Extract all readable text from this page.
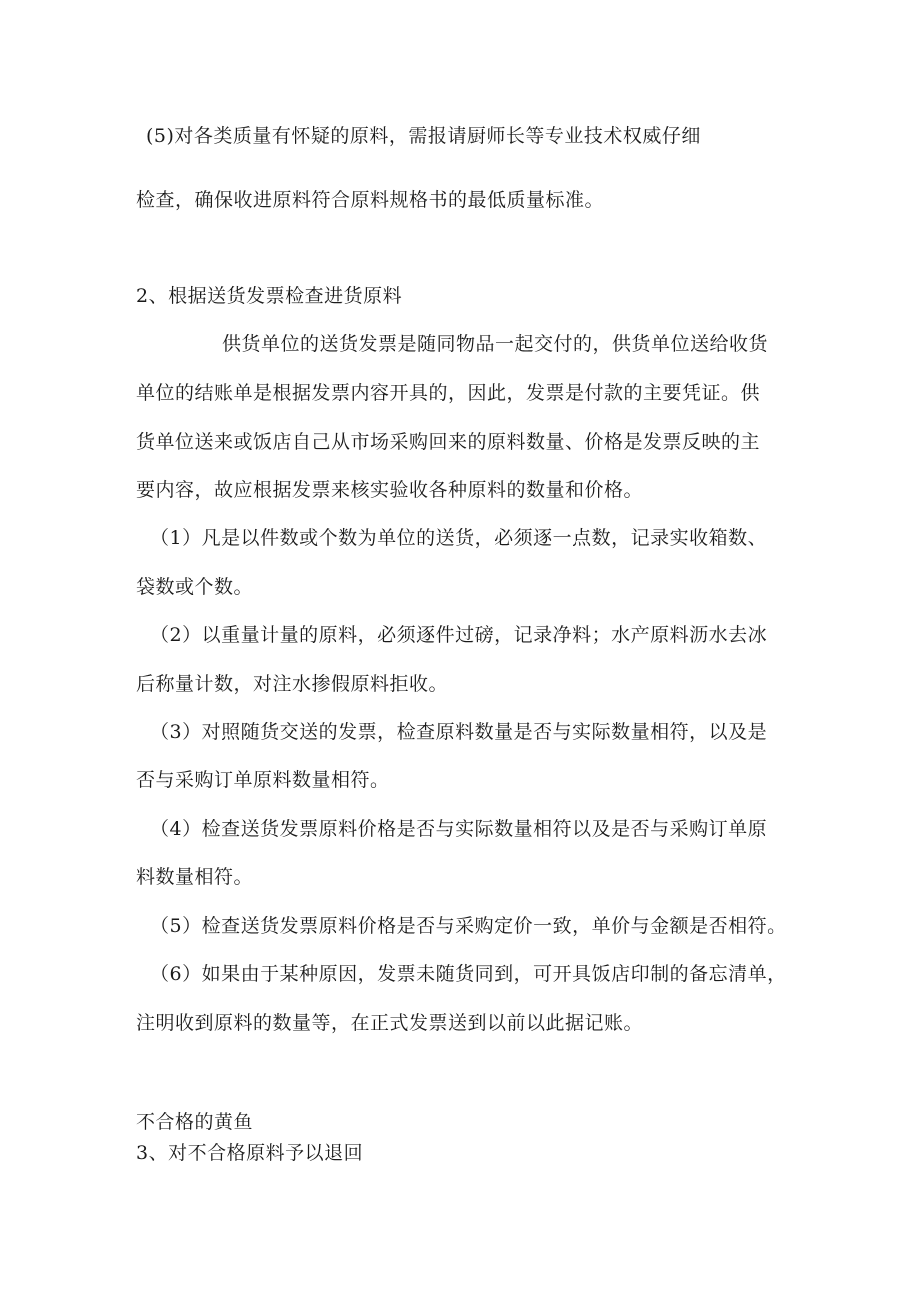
(5)对各类质量有怀疑的原料，需报请厨师长等专业技术权威仔细
检查，确保收进原料符合原料规格书的最低质量标准。
2、根据送货发票检查进货原料
供货单位的送货发票是随同物品一起交付的，供货单位送给收货
单位的结账单是根据发票内容开具的，因此，发票是付款的主要凭证。供
货单位送来或饭店自己从市场采购回来的原料数量、价格是发票反映的主
要内容，故应根据发票来核实验收各种原料的数量和价格。
（1）凡是以件数或个数为单位的送货，必须逐一点数，记录实收箱数、
袋数或个数。
（2）以重量计量的原料，必须逐件过磅，记录净料；水产原料沥水去冰
后称量计数，对注水掺假原料拒收。
（3）对照随货交送的发票，检查原料数量是否与实际数量相符，以及是
否与采购订单原料数量相符。
（4）检查送货发票原料价格是否与实际数量相符以及是否与采购订单原
料数量相符。
（5）检查送货发票原料价格是否与采购定价一致，单价与金额是否相符。
（6）如果由于某种原因，发票未随货同到，可开具饭店印制的备忘清单，
注明收到原料的数量等，在正式发票送到以前以此据记账。
不合格的黄鱼
3、对不合格原料予以退回
